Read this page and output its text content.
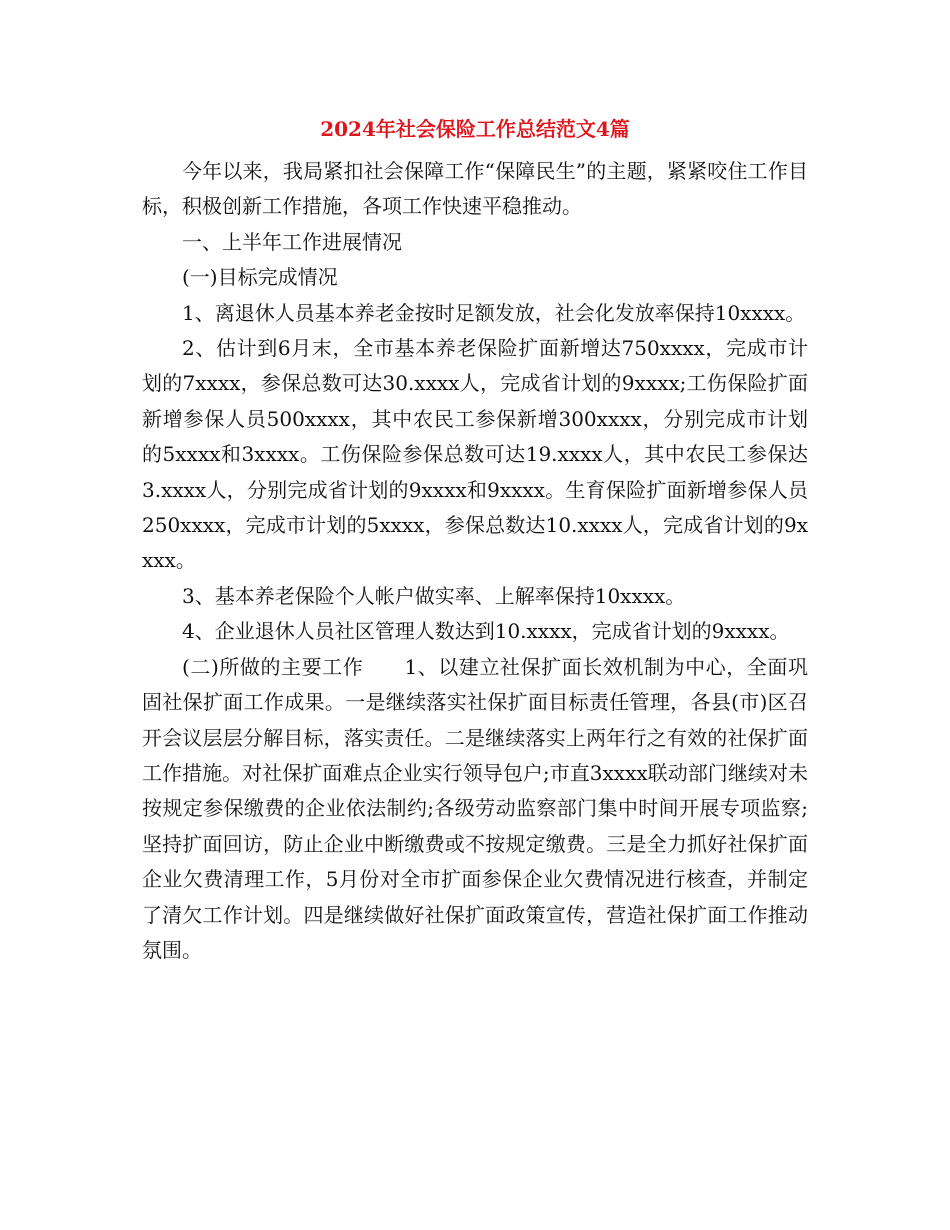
2024年社会保险工作总结范文4篇

今年以来，我局紧扣社会保障工作“保障民生”的主题，紧紧咬住工作目标，积极创新工作措施，各项工作快速平稳推动。

一、上半年工作进展情况

(一)目标完成情况

1、离退休人员基本养老金按时足额发放，社会化发放率保持10xxxx。

2、估计到6月末，全市基本养老保险扩面新增达750xxxx，完成市计划的7xxxx，参保总数可达30.xxxx人，完成省计划的9xxxx;工伤保险扩面新增参保人员500xxxx，其中农民工参保新增300xxxx，分别完成市计划的5xxxx和3xxxx。工伤保险参保总数可达19.xxxx人，其中农民工参保达3.xxxx人，分别完成省计划的9xxxx和9xxxx。生育保险扩面新增参保人员250xxxx，完成市计划的5xxxx，参保总数达10.xxxx人，完成省计划的9xxxx。

3、基本养老保险个人帐户做实率、上解率保持10xxxx。

4、企业退休人员社区管理人数达到10.xxxx，完成省计划的9xxxx。

(二)所做的主要工作　　1、以建立社保扩面长效机制为中心，全面巩固社保扩面工作成果。一是继续落实社保扩面目标责任管理，各县(市)区召开会议层层分解目标，落实责任。二是继续落实上两年行之有效的社保扩面工作措施。对社保扩面难点企业实行领导包户;市直3xxxx联动部门继续对未按规定参保缴费的企业依法制约;各级劳动监察部门集中时间开展专项监察;坚持扩面回访，防止企业中断缴费或不按规定缴费。三是全力抓好社保扩面企业欠费清理工作，5月份对全市扩面参保企业欠费情况进行核查，并制定了清欠工作计划。四是继续做好社保扩面政策宣传，营造社保扩面工作推动氛围。
